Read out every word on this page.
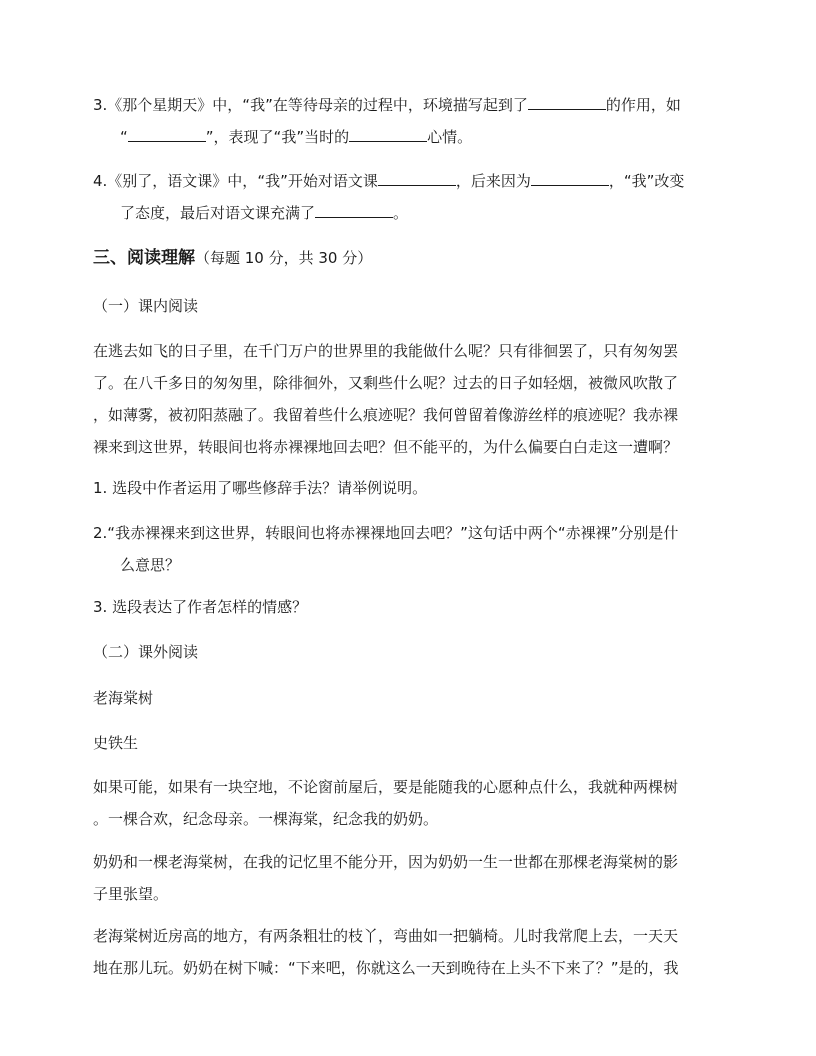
3.《那个星期天》中，“我”在等待母亲的过程中，环境描写起到了	的作用，如
“	”，表现了“我”当时的	心情。
4.《别了，语文课》中，“我”开始对语文课	，后来因为	，“我”改变
了态度，最后对语文课充满了	。
三、阅读理解（每题 10 分，共 30 分）
（一）课内阅读
在逃去如飞的日子里，在千门万户的世界里的我能做什么呢？只有徘徊罢了，只有匆匆罢
了。在八千多日的匆匆里，除徘徊外，又剩些什么呢？过去的日子如轻烟，被微风吹散了
，如薄雾，被初阳蒸融了。我留着些什么痕迹呢？我何曾留着像游丝样的痕迹呢？我赤裸
裸来到这世界，转眼间也将赤裸裸地回去吧？但不能平的，为什么偏要白白走这一遭啊？
1. 选段中作者运用了哪些修辞手法？请举例说明。
2.“我赤裸裸来到这世界，转眼间也将赤裸裸地回去吧？”这句话中两个“赤裸裸”分别是什
么意思？
3. 选段表达了作者怎样的情感？
（二）课外阅读
老海棠树
史铁生
如果可能，如果有一块空地，不论窗前屋后，要是能随我的心愿种点什么，我就种两棵树
。一棵合欢，纪念母亲。一棵海棠，纪念我的奶奶。
奶奶和一棵老海棠树，在我的记忆里不能分开，因为奶奶一生一世都在那棵老海棠树的影
子里张望。
老海棠树近房高的地方，有两条粗壮的枝丫，弯曲如一把躺椅。儿时我常爬上去，一天天
地在那儿玩。奶奶在树下喊：“下来吧，你就这么一天到晚待在上头不下来了？”是的，我
